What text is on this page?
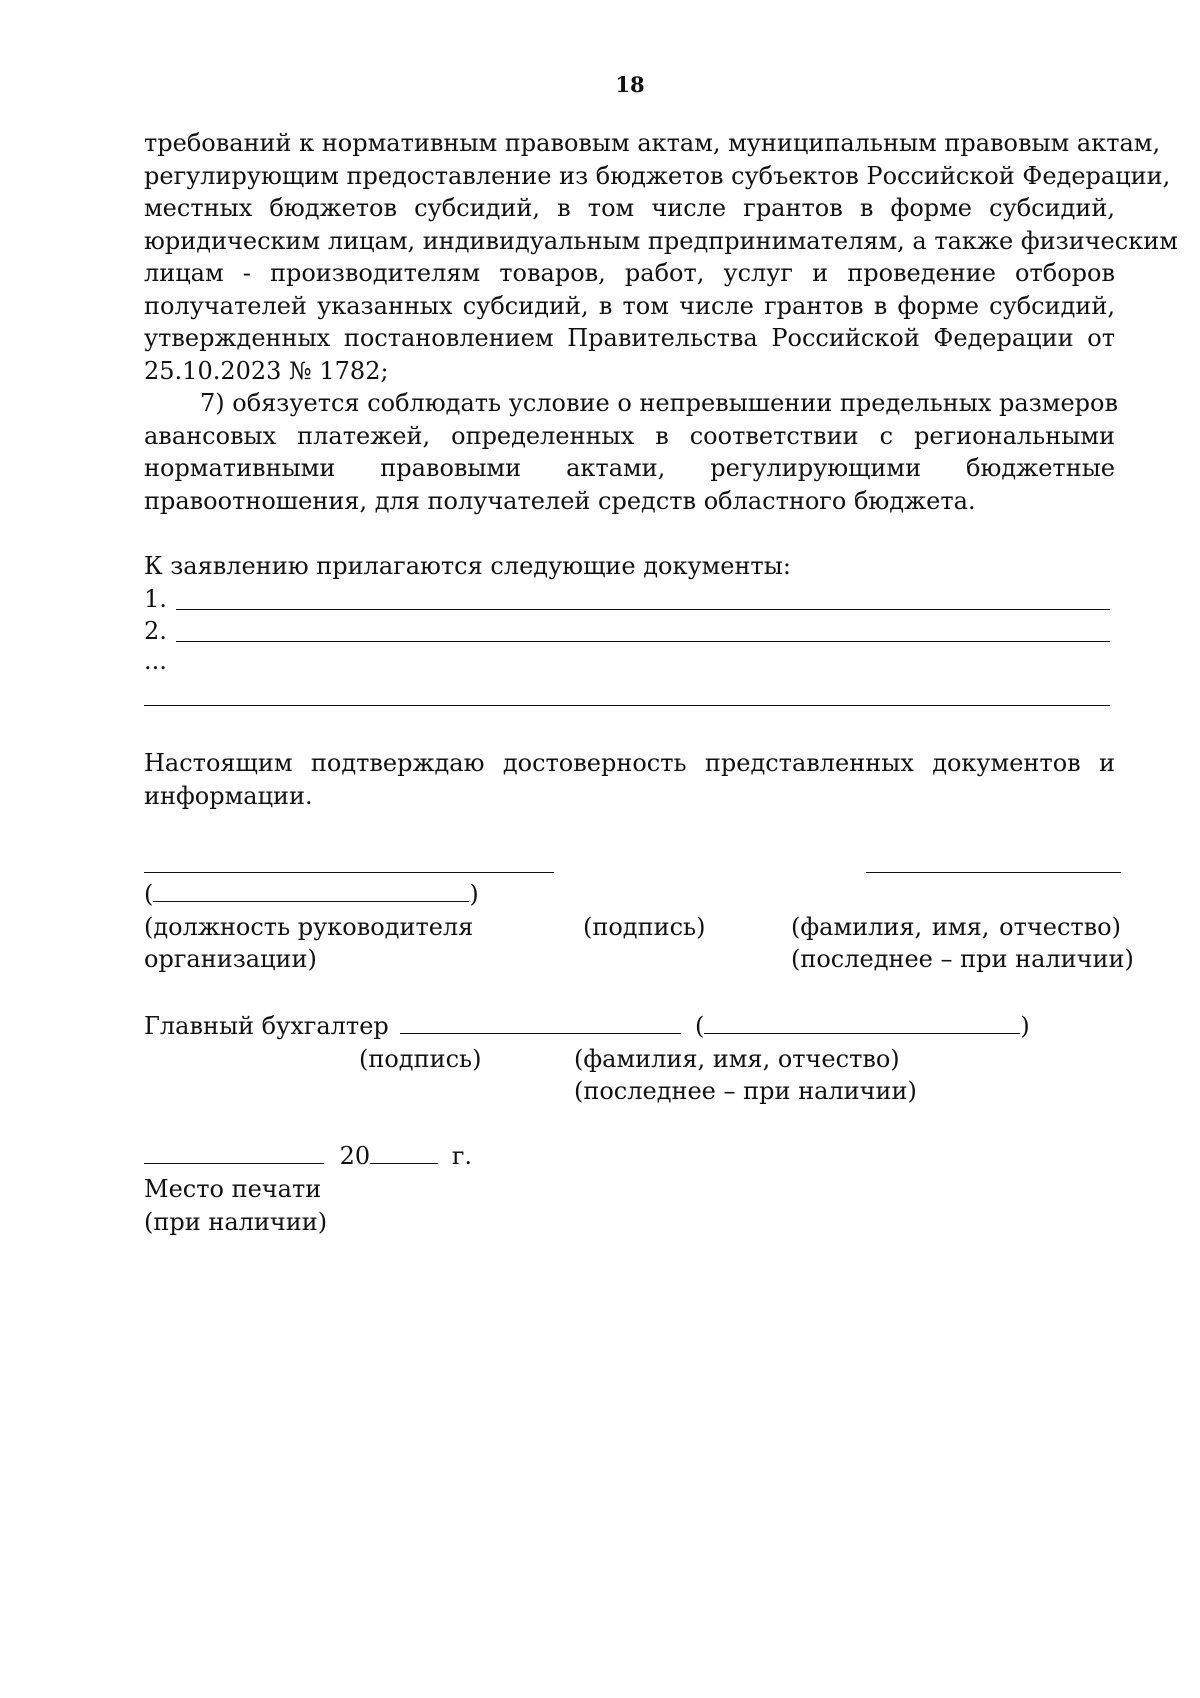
18
требований к нормативным правовым актам, муниципальным правовым актам,
регулирующим предоставление из бюджетов субъектов Российской Федерации,
местных бюджетов субсидий, в том числе грантов в форме субсидий,
юридическим лицам, индивидуальным предпринимателям, а также физическим
лицам - производителям товаров, работ, услуг и проведение отборов
получателей указанных субсидий, в том числе грантов в форме субсидий,
утвержденных постановлением Правительства Российской Федерации от
25.10.2023 № 1782;
7) обязуется соблюдать условие о непревышении предельных размеров
авансовых платежей, определенных в соответствии с региональными
нормативными правовыми актами, регулирующими бюджетные
правоотношения, для получателей средств областного бюджета.
К заявлению прилагаются следующие документы:
1.
2.
...
Настоящим подтверждаю достоверность представленных документов и
информации.
(	)
(должность руководителя
организации)
(подпись)	(фамилия, имя, отчество)
(последнее – при наличии)
Главный бухгалтер	(	)
(подпись)	(фамилия, имя, отчество)
(последнее – при наличии)
20	г.
Место печати
(при наличии)
